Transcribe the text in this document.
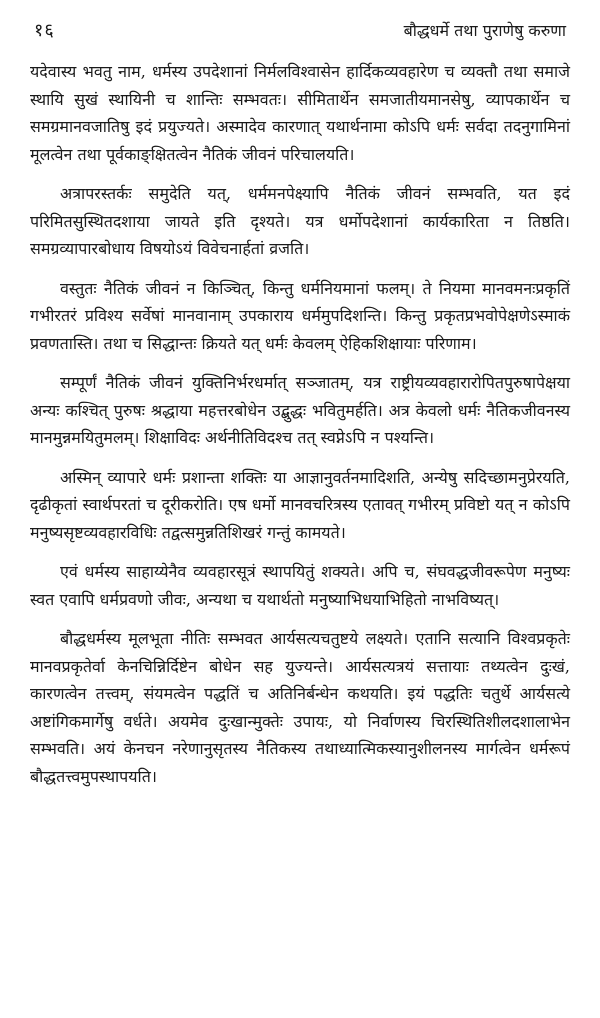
१६	बौद्धधर्मे तथा पुराणेषु करुणा

यदेवास्य भवतु नाम, धर्मस्य उपदेशानां निर्मलविश्वासेन हार्दिकव्यवहारेण च व्यक्तौ तथा समाजे स्थायि सुखं स्थायिनी च शान्तिः सम्भवतः। सीमितार्थेन समजातीयमानसेषु, व्यापकार्थेन च समग्रमानवजातिषु इदं प्रयुज्यते। अस्मादेव कारणात् यथार्थनामा कोऽपि धर्मः सर्वदा तदनुगामिनां मूलत्वेन तथा पूर्वकाङ्क्षितत्वेन नैतिकं जीवनं परिचालयति।

अत्रापरस्तर्कः समुदेति यत्, धर्ममनपेक्ष्यापि नैतिकं जीवनं सम्भवति, यत इदं परिमितसुस्थितदशाया जायते इति दृश्यते। यत्र धर्मोपदेशानां कार्यकारिता न तिष्ठति। समग्रव्यापारबोधाय विषयोऽयं विवेचनार्हतां व्रजति।

वस्तुतः नैतिकं जीवनं न किञ्चित्, किन्तु धर्मनियमानां फलम्। ते नियमा मानवमनःप्रकृतिं गभीरतरं प्रविश्य सर्वेषां मानवानाम् उपकाराय धर्ममुपदिशन्ति। किन्तु प्रकृतप्रभवोपेक्षणेऽस्माकं प्रवणतास्ति। तथा च सिद्धान्तः क्रियते यत् धर्मः केवलम् ऐहिकशिक्षायाः परिणाम।

सम्पूर्णं नैतिकं जीवनं युक्तिनिर्भरधर्मात् सञ्जातम्, यत्र राष्ट्रीयव्यवहारारोपितपुरुषापेक्षया अन्यः कश्चित् पुरुषः श्रद्धाया महत्तरबोधेन उद्बुद्धः भवितुमर्हति। अत्र केवलो धर्मः नैतिकजीवनस्य मानमुन्नमयितुमलम्। शिक्षाविदः अर्थनीतिविदश्च तत् स्वप्नेऽपि न पश्यन्ति।

अस्मिन् व्यापारे धर्मः प्रशान्ता शक्तिः या आज्ञानुवर्तनमादिशति, अन्येषु सदिच्छामनुप्रेरयति, दृढीकृतां स्वार्थपरतां च दूरीकरोति। एष धर्मो मानवचरित्रस्य एतावत् गभीरम् प्रविष्टो यत् न कोऽपि मनुष्यसृष्टव्यवहारविधिः तद्वत्समुन्नतिशिखरं गन्तुं कामयते।

एवं धर्मस्य साहाय्येनैव व्यवहारसूत्रं स्थापयितुं शक्यते। अपि च, संघवद्धजीवरूपेण मनुष्यः स्वत एवापि धर्मप्रवणो जीवः, अन्यथा च यथार्थतो मनुष्याभिधयाभिहितो नाभविष्यत्।

बौद्धधर्मस्य मूलभूता नीतिः सम्भवत आर्यसत्यचतुष्टये लक्ष्यते। एतानि सत्यानि विश्वप्रकृतेः मानवप्रकृतेर्वा केनचिन्निर्दिष्टेन बोधेन सह युज्यन्ते। आर्यसत्यत्रयं सत्तायाः तथ्यत्वेन दुःखं, कारणत्वेन तत्त्वम्, संयमत्वेन पद्धतिं च अतिनिर्बन्धेन कथयति। इयं पद्धतिः चतुर्थे आर्यसत्ये अष्टांगिकमार्गेषु वर्धते। अयमेव दुःखान्मुक्तेः उपायः, यो निर्वाणस्य चिरस्थितिशीलदशालाभेन सम्भवति। अयं केनचन नरेणानुसृतस्य नैतिकस्य तथाध्यात्मिकस्यानुशीलनस्य मार्गत्वेन धर्मरूपं बौद्धतत्त्वमुपस्थापयति।
